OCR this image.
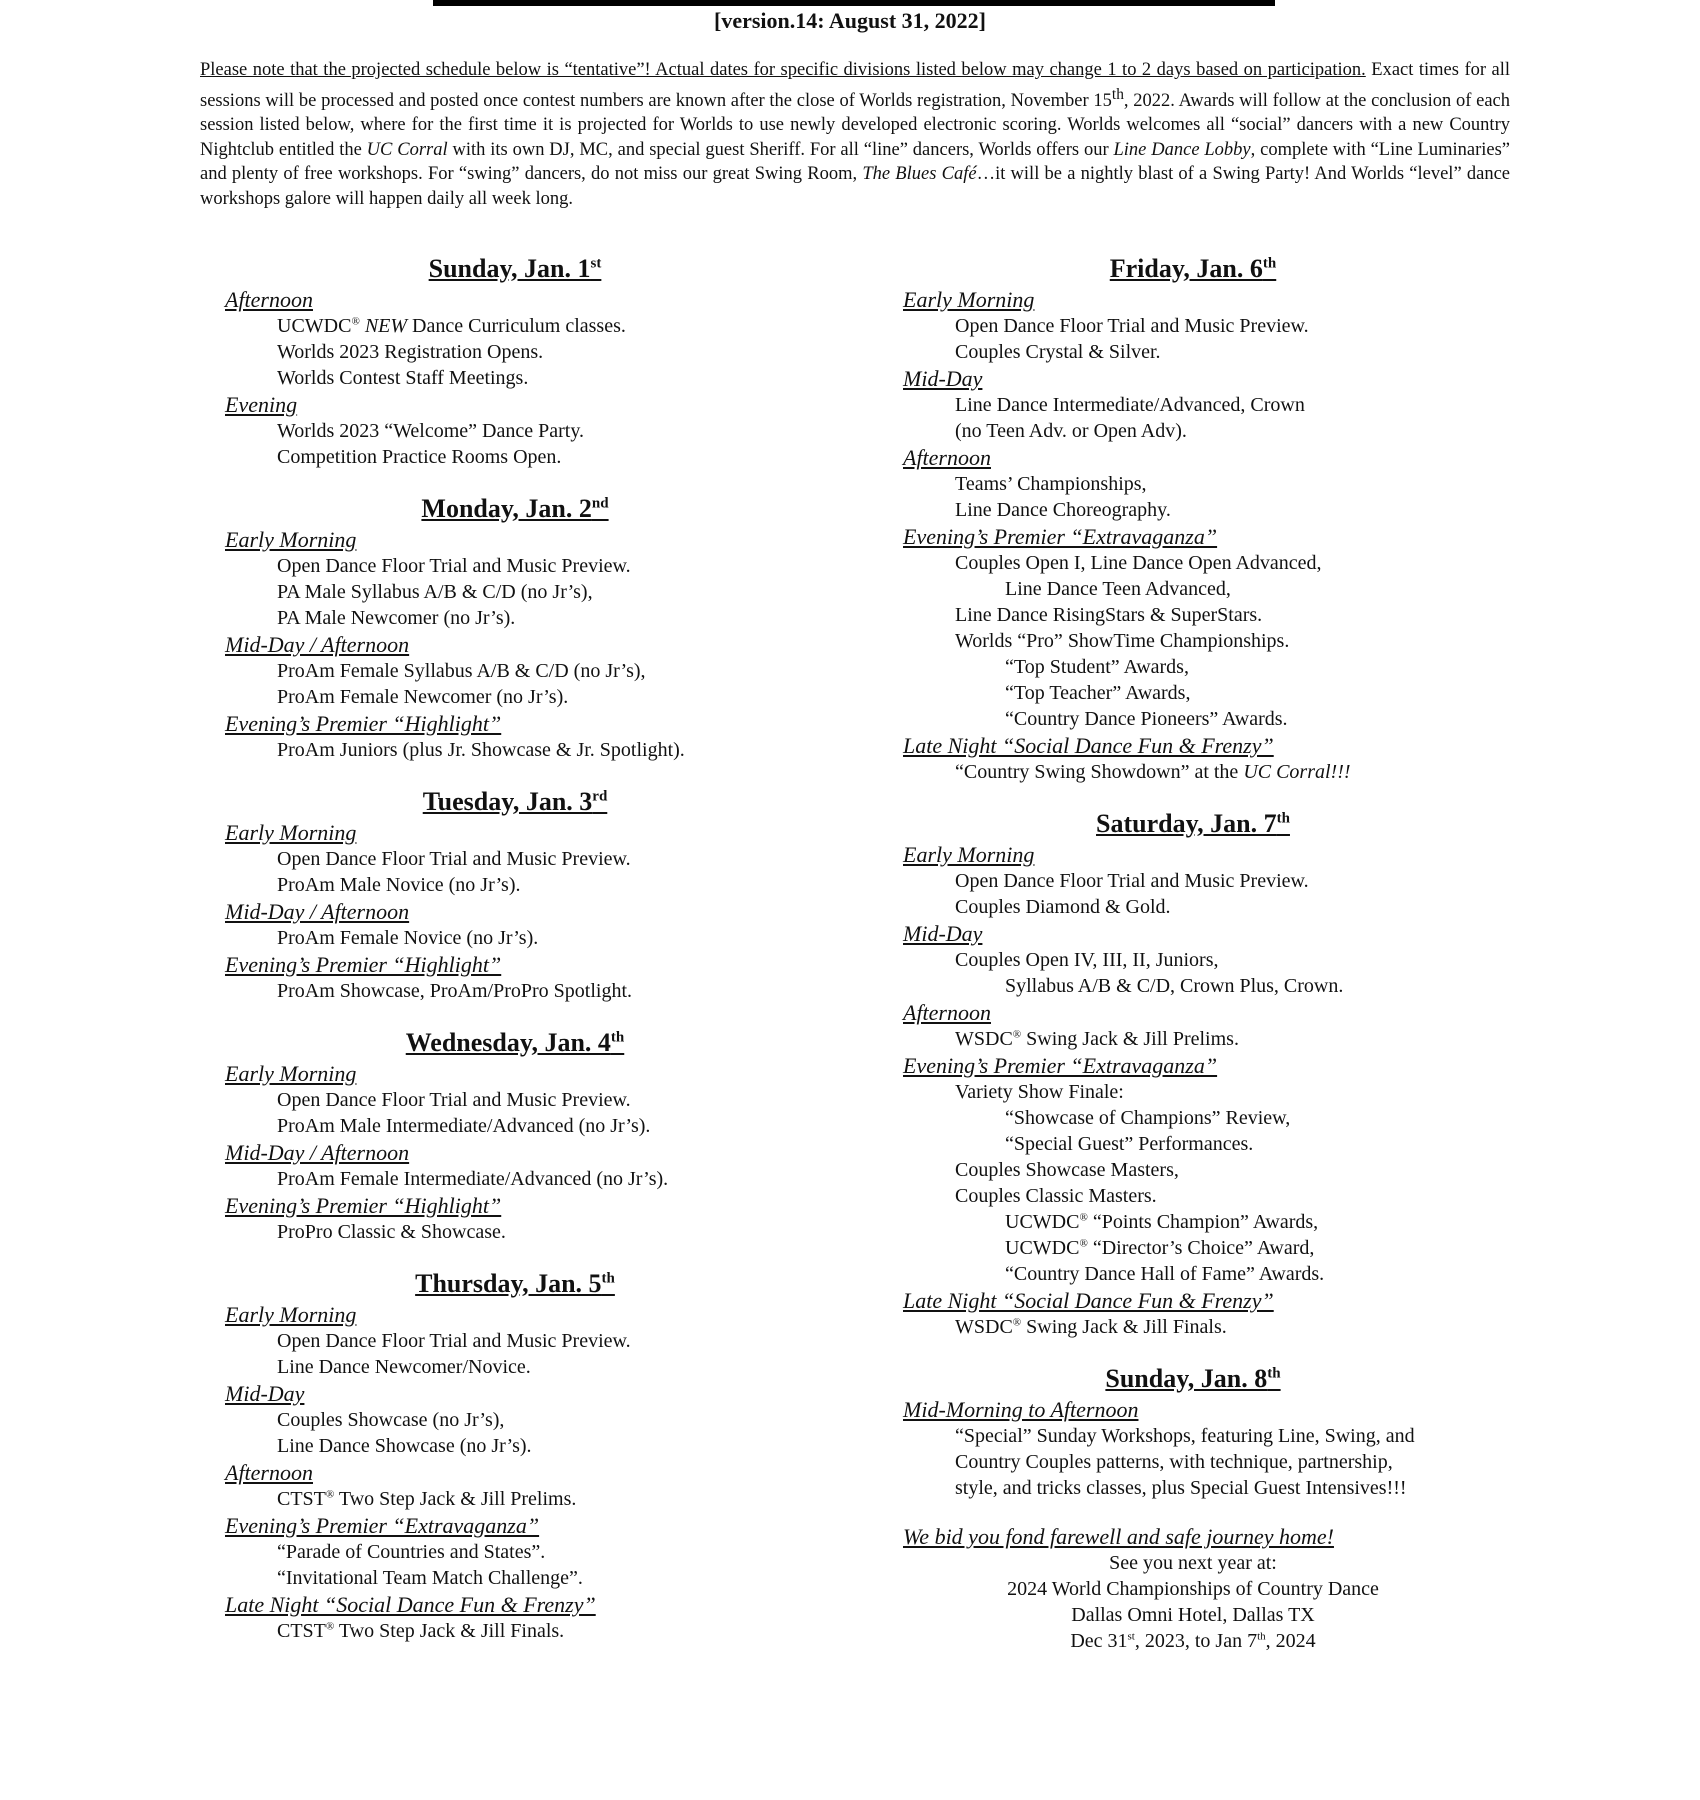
[version.14: August 31, 2022]
Please note that the projected schedule below is “tentative”! Actual dates for specific divisions listed below may change 1 to 2 days based on participation. Exact times for all sessions will be processed and posted once contest numbers are known after the close of Worlds registration, November 15th, 2022. Awards will follow at the conclusion of each session listed below, where for the first time it is projected for Worlds to use newly developed electronic scoring. Worlds welcomes all “social” dancers with a new Country Nightclub entitled the UC Corral with its own DJ, MC, and special guest Sheriff. For all “line” dancers, Worlds offers our Line Dance Lobby, complete with “Line Luminaries” and plenty of free workshops. For “swing” dancers, do not miss our great Swing Room, The Blues Café…it will be a nightly blast of a Swing Party! And Worlds “level” dance workshops galore will happen daily all week long.
Sunday, Jan. 1st
Afternoon
UCWDC® NEW Dance Curriculum classes.
Worlds 2023 Registration Opens.
Worlds Contest Staff Meetings.
Evening
Worlds 2023 “Welcome” Dance Party.
Competition Practice Rooms Open.
Monday, Jan. 2nd
Early Morning
Open Dance Floor Trial and Music Preview.
PA Male Syllabus A/B & C/D (no Jr’s),
PA Male Newcomer (no Jr’s).
Mid-Day / Afternoon
ProAm Female Syllabus A/B & C/D (no Jr’s),
ProAm Female Newcomer (no Jr’s).
Evening’s Premier “Highlight”
ProAm Juniors (plus Jr. Showcase & Jr. Spotlight).
Tuesday, Jan. 3rd
Early Morning
Open Dance Floor Trial and Music Preview.
ProAm Male Novice (no Jr’s).
Mid-Day / Afternoon
ProAm Female Novice (no Jr’s).
Evening’s Premier “Highlight”
ProAm Showcase, ProAm/ProPro Spotlight.
Wednesday, Jan. 4th
Early Morning
Open Dance Floor Trial and Music Preview.
ProAm Male Intermediate/Advanced (no Jr’s).
Mid-Day / Afternoon
ProAm Female Intermediate/Advanced (no Jr’s).
Evening’s Premier “Highlight”
ProPro Classic & Showcase.
Thursday, Jan. 5th
Early Morning
Open Dance Floor Trial and Music Preview.
Line Dance Newcomer/Novice.
Mid-Day
Couples Showcase (no Jr’s),
Line Dance Showcase (no Jr’s).
Afternoon
CTST® Two Step Jack & Jill Prelims.
Evening’s Premier “Extravaganza”
“Parade of Countries and States”.
“Invitational Team Match Challenge”.
Late Night “Social Dance Fun & Frenzy”
CTST® Two Step Jack & Jill Finals.
Friday, Jan. 6th
Early Morning
Open Dance Floor Trial and Music Preview.
Couples Crystal & Silver.
Mid-Day
Line Dance Intermediate/Advanced, Crown
(no Teen Adv. or Open Adv).
Afternoon
Teams’ Championships,
Line Dance Choreography.
Evening’s Premier “Extravaganza”
Couples Open I, Line Dance Open Advanced,
Line Dance Teen Advanced,
Line Dance RisingStars & SuperStars.
Worlds “Pro” ShowTime Championships.
“Top Student” Awards,
“Top Teacher” Awards,
“Country Dance Pioneers” Awards.
Late Night “Social Dance Fun & Frenzy”
“Country Swing Showdown” at the UC Corral!!!
Saturday, Jan. 7th
Early Morning
Open Dance Floor Trial and Music Preview.
Couples Diamond & Gold.
Mid-Day
Couples Open IV, III, II, Juniors,
Syllabus A/B & C/D, Crown Plus, Crown.
Afternoon
WSDC® Swing Jack & Jill Prelims.
Evening’s Premier “Extravaganza”
Variety Show Finale:
“Showcase of Champions” Review,
“Special Guest” Performances.
Couples Showcase Masters,
Couples Classic Masters.
UCWDC® “Points Champion” Awards,
UCWDC® “Director’s Choice” Award,
“Country Dance Hall of Fame” Awards.
Late Night “Social Dance Fun & Frenzy”
WSDC® Swing Jack & Jill Finals.
Sunday, Jan. 8th
Mid-Morning to Afternoon
“Special” Sunday Workshops, featuring Line, Swing, and
Country Couples patterns, with technique, partnership,
style, and tricks classes, plus Special Guest Intensives!!!
We bid you fond farewell and safe journey home!
See you next year at:
2024 World Championships of Country Dance
Dallas Omni Hotel, Dallas TX
Dec 31st, 2023, to Jan 7th, 2024
